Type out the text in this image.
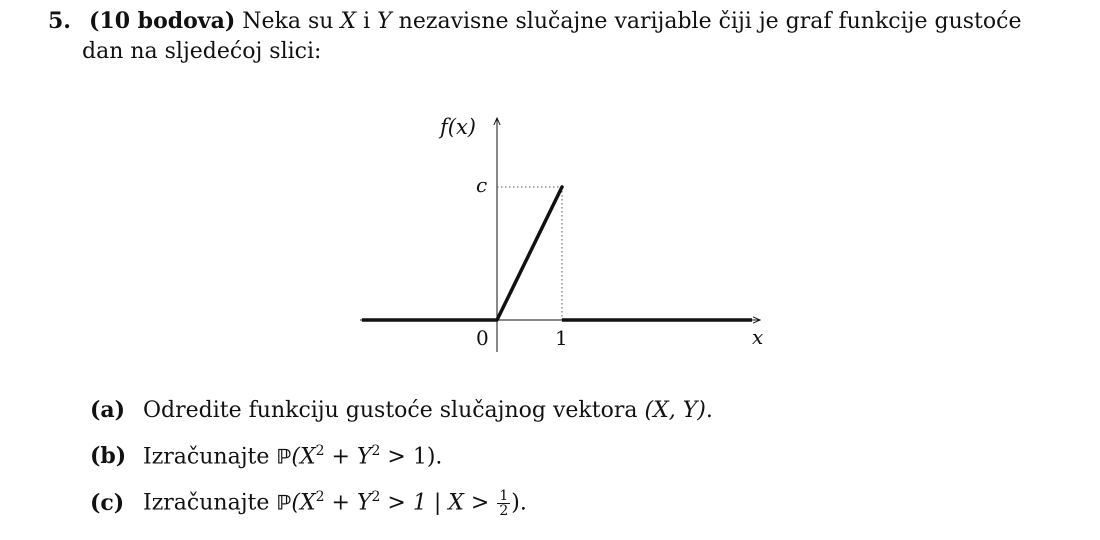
5. (10 bodova) Neka su X i Y nezavisne slučajne varijable čiji je graf funkcije gustoće
dan na sljedećoj slici:
f(x)
c
0	1	x
(a) Odredite funkciju gustoće slučajnog vektora (X, Y).
(b) Izračunajte $ℙ(X^2 + Y^2 > 1)$.
(c) Izračunajte $ℙ(X^2 + Y^2 > 1$ | $X > \frac{1}{2}$ ).
